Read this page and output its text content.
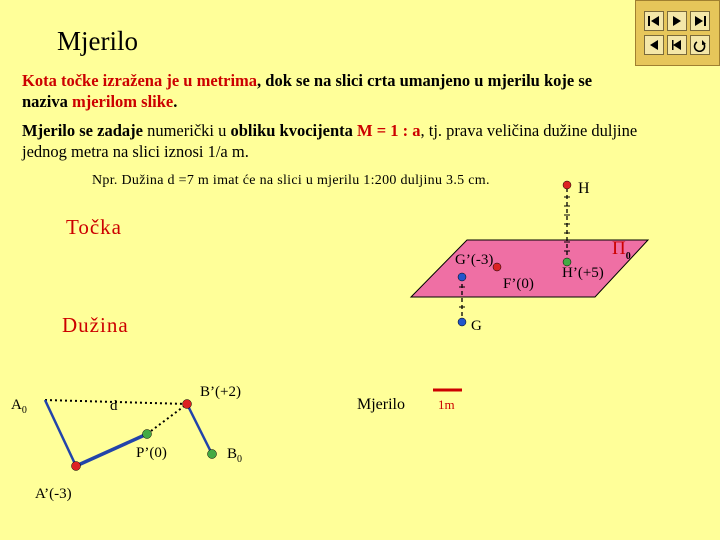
Mjerilo
Kota točke izražena je u metrima, dok se na slici crta umanjeno u mjerilu koje se
naziva mjerilom slike.
Mjerilo se zadaje numerički u obliku kvocijenta M = 1 : a, tj. prava veličina dužine duljine
jednog metra na slici iznosi 1/a m.
Npr. Dužina d =7 m imat će na slici u mjerilu 1:200 duljinu 3.5 cm.
Točka
Dužina
H
$\Pi_0$
G’(-3)
F’(0)
H’(+5)
G
$A_0$	d
B’(+2)
P’(0)	$B_0$
A’(-3)
Mjerilo	1m
